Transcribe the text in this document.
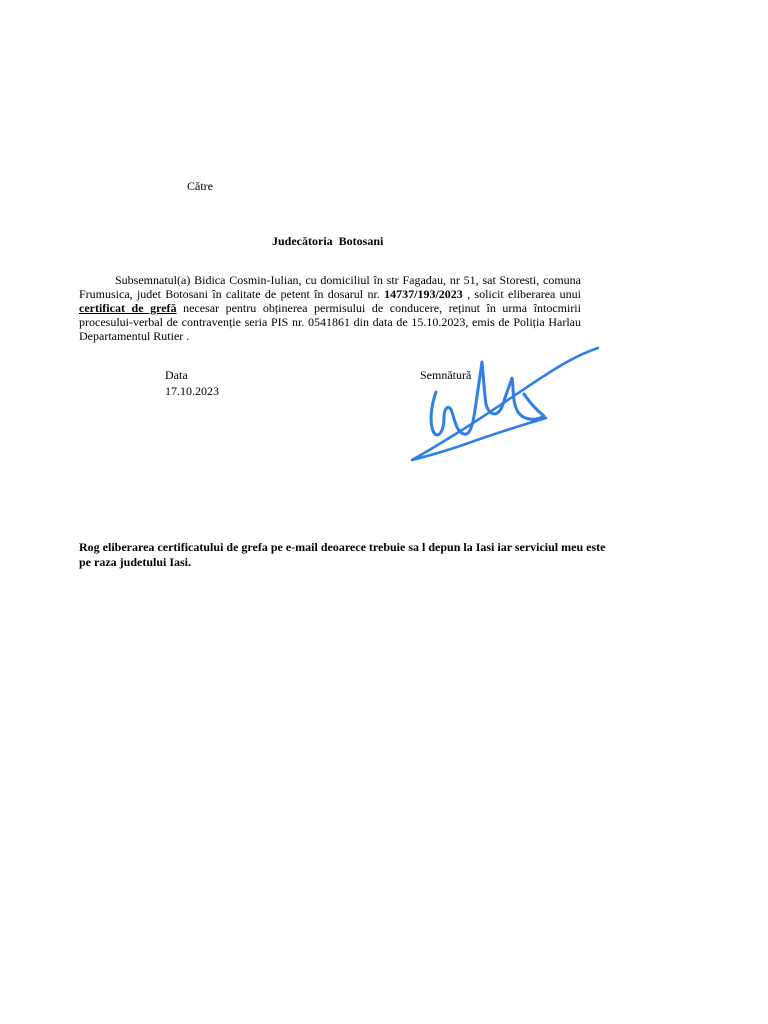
Către
Judecătoria  Botosani

Subsemnatul(a) Bidica Cosmin-Iulian, cu domiciliul în str Fagadau, nr 51, sat Storesti, comuna Frumusica, judet Botosani în calitate de petent în dosarul nr. 14737/193/2023 , solicit eliberarea unui certificat de grefă necesar pentru obținerea permisului de conducere, reținut în urma întocmirii procesului-verbal de contravenție seria PIS nr. 0541861 din data de 15.10.2023, emis de Poliția Harlau Departamentul Rutier .

Data
17.10.2023
Semnătură

Rog eliberarea certificatului de grefa pe e-mail deoarece trebuie sa l depun la Iasi iar serviciul meu este pe raza judetului Iasi.
